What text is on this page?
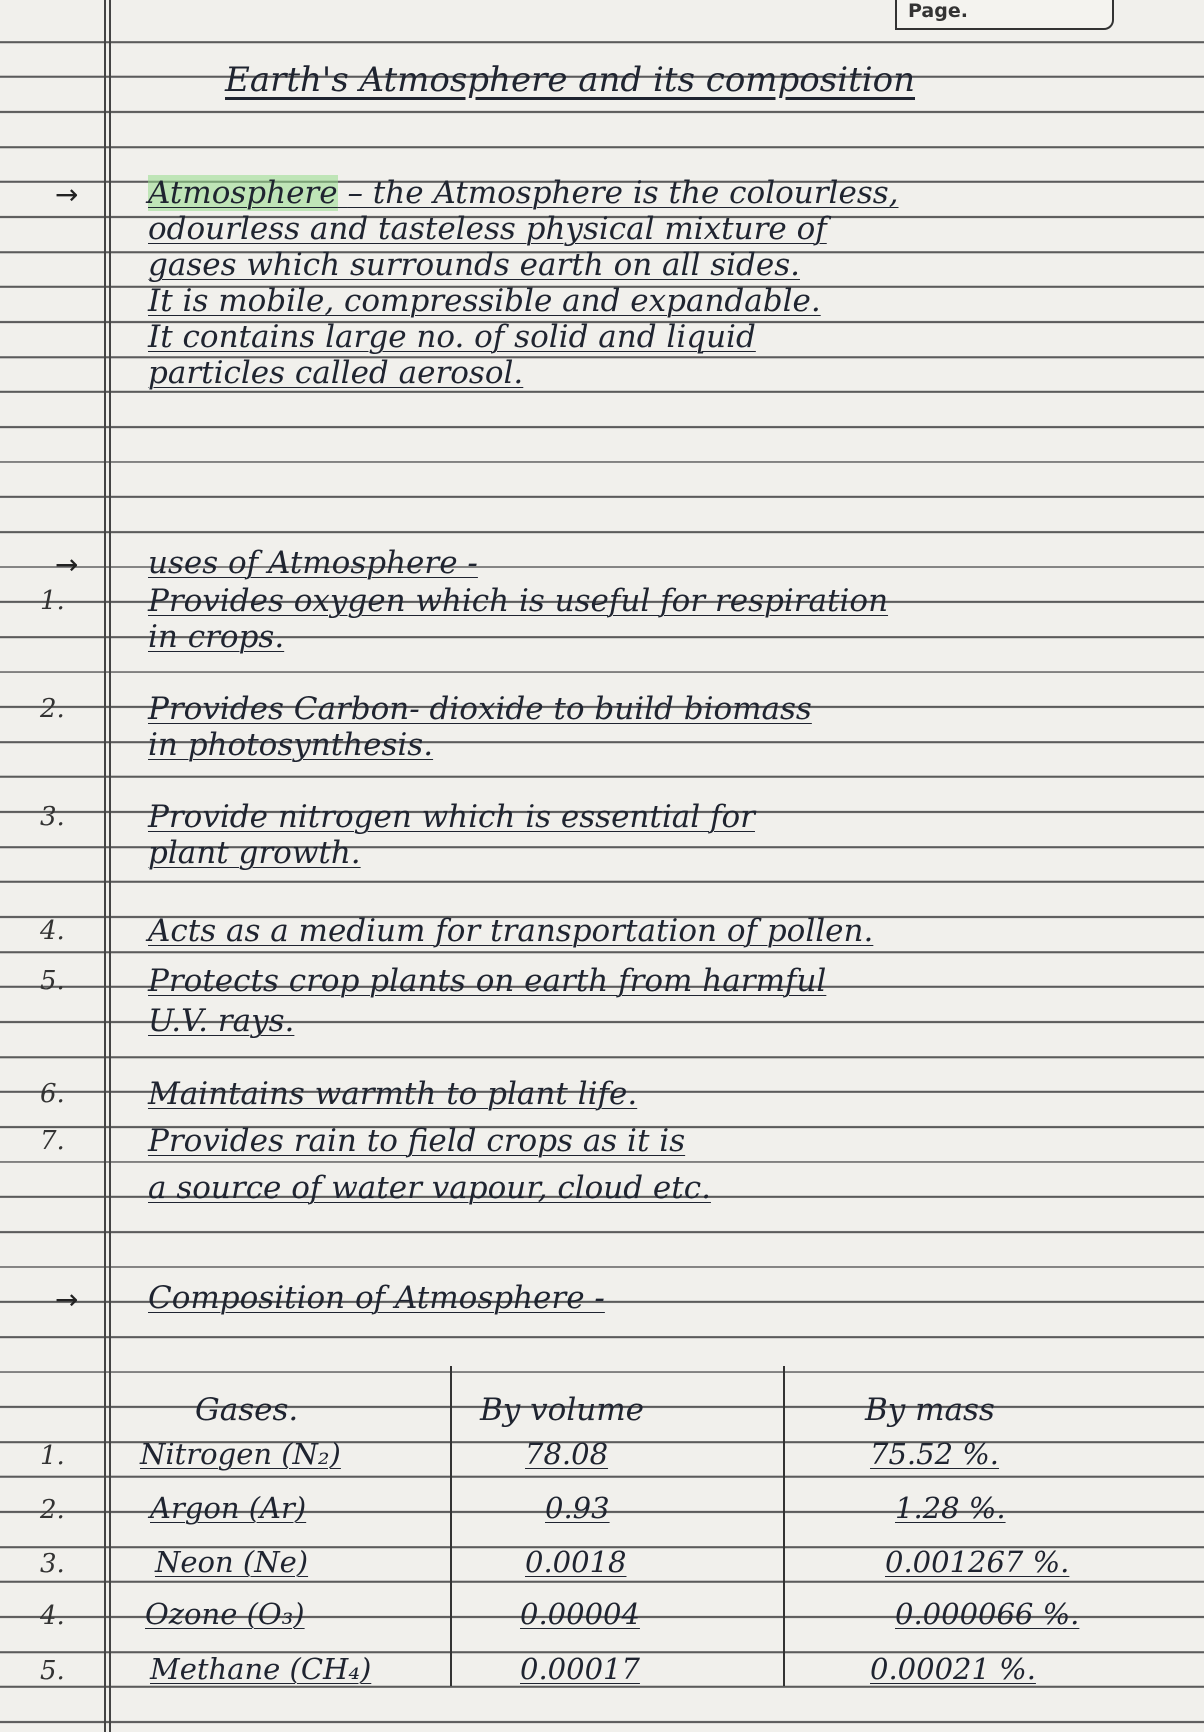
Page.
Earth's Atmosphere and its composition
→ Atmosphere – the Atmosphere is the colourless,
odourless and tasteless physical mixture of
gases which surrounds earth on all sides.
It is mobile, compressible and expandable.
It contains large no. of solid and liquid
particles called aerosol.
→ uses of Atmosphere -
1.	Provides oxygen which is useful for respiration
in crops.
2.	Provides Carbon- dioxide to build biomass
in photosynthesis.
3.	Provide nitrogen which is essential for
plant growth.
4.	Acts as a medium for transportation of pollen.
5.	Protects crop plants on earth from harmful
U.V. rays.
6.	Maintains warmth to plant life.
7.	Provides rain to field crops as it is
a source of water vapour, cloud etc.
→ Composition of Atmosphere -
Gases.	By volume	By mass
1.	Nitrogen (N₂)	78.08	75.52 %.
2.	Argon (Ar)	0.93	1.28 %.
3.	Neon (Ne)	0.0018	0.001267 %.
4.	Ozone (O₃)	0.00004	0.000066 %.
5.	Methane (CH₄)	0.00017	0.00021 %.
